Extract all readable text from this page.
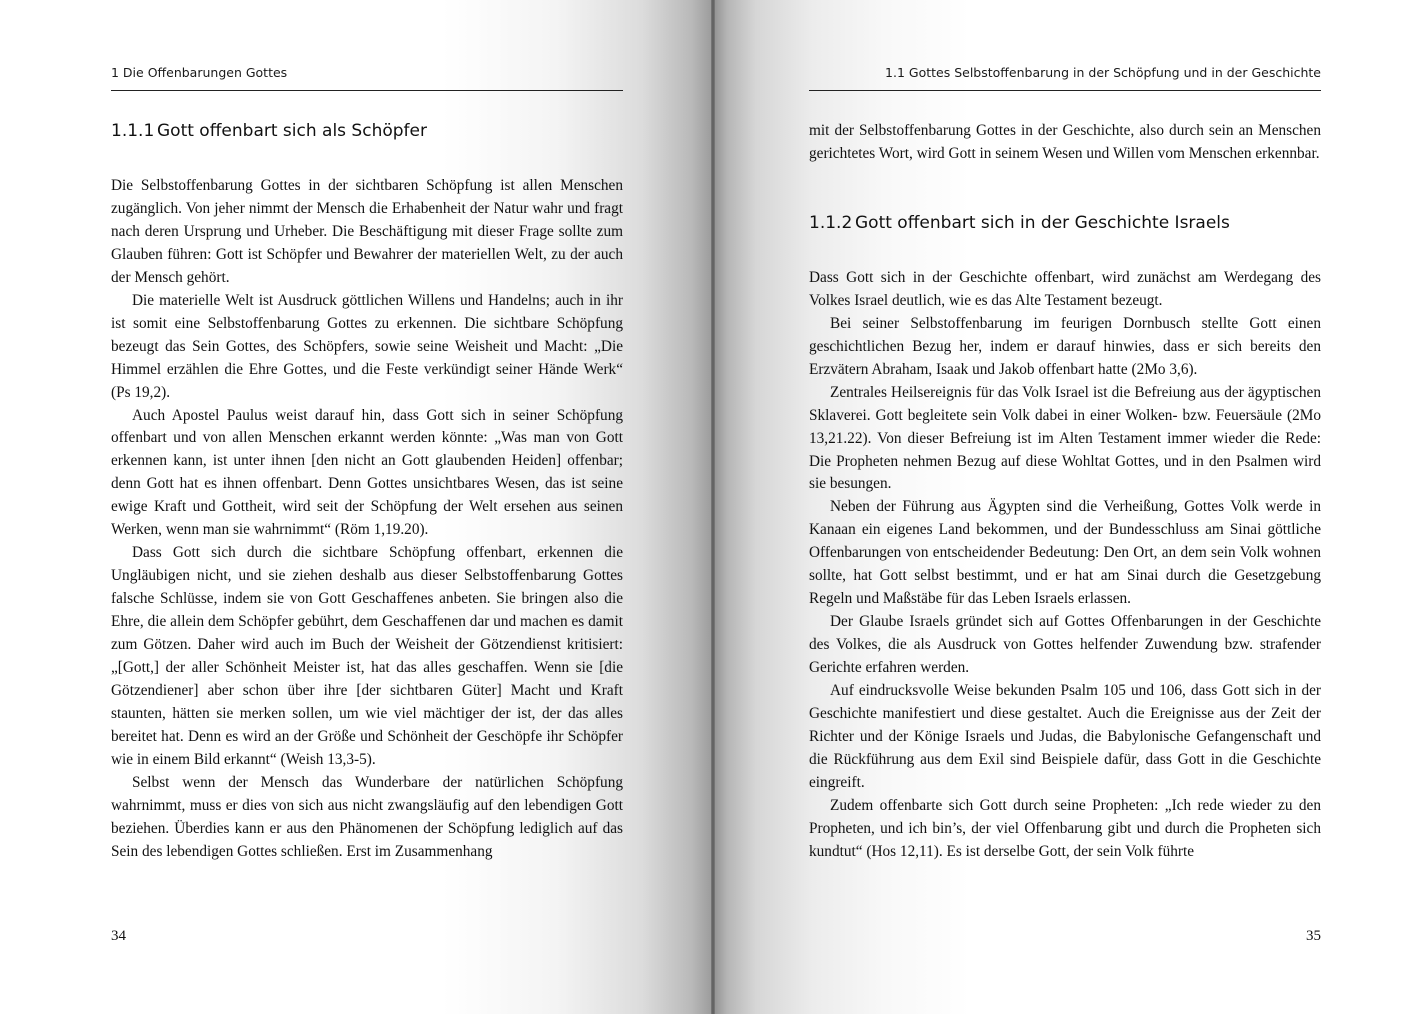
1 Die Offenbarungen Gottes
1.1.1 Gott offenbart sich als Schöpfer

Die Selbstoffenbarung Gottes in der sichtbaren Schöpfung ist allen Menschen zugänglich. Von jeher nimmt der Mensch die Erhabenheit der Natur wahr und fragt nach deren Ursprung und Urheber. Die Beschäftigung mit dieser Frage sollte zum Glauben führen: Gott ist Schöpfer und Bewahrer der materiellen Welt, zu der auch der Mensch gehört.

Die materielle Welt ist Ausdruck göttlichen Willens und Handelns; auch in ihr ist somit eine Selbstoffenbarung Gottes zu erkennen. Die sichtbare Schöpfung bezeugt das Sein Gottes, des Schöpfers, sowie seine Weisheit und Macht: „Die Himmel erzählen die Ehre Gottes, und die Feste verkündigt seiner Hände Werk“ (Ps 19,2).

Auch Apostel Paulus weist darauf hin, dass Gott sich in seiner Schöpfung offenbart und von allen Menschen erkannt werden könnte: „Was man von Gott erkennen kann, ist unter ihnen [den nicht an Gott glaubenden Heiden] offenbar; denn Gott hat es ihnen offenbart. Denn Gottes unsichtbares Wesen, das ist seine ewige Kraft und Gottheit, wird seit der Schöpfung der Welt ersehen aus seinen Werken, wenn man sie wahrnimmt“ (Röm 1,19.20).

Dass Gott sich durch die sichtbare Schöpfung offenbart, erkennen die Ungläubigen nicht, und sie ziehen deshalb aus dieser Selbstoffenbarung Gottes falsche Schlüsse, indem sie von Gott Geschaffenes anbeten. Sie bringen also die Ehre, die allein dem Schöpfer gebührt, dem Geschaffenen dar und machen es damit zum Götzen. Daher wird auch im Buch der Weisheit der Götzendienst kritisiert: „[Gott,] der aller Schönheit Meister ist, hat das alles geschaffen. Wenn sie [die Götzendiener] aber schon über ihre [der sichtbaren Güter] Macht und Kraft staunten, hätten sie merken sollen, um wie viel mächtiger der ist, der das alles bereitet hat. Denn es wird an der Größe und Schönheit der Geschöpfe ihr Schöpfer wie in einem Bild erkannt“ (Weish 13,3-5).

Selbst wenn der Mensch das Wunderbare der natürlichen Schöpfung wahrnimmt, muss er dies von sich aus nicht zwangsläufig auf den lebendigen Gott beziehen. Überdies kann er aus den Phänomenen der Schöpfung lediglich auf das Sein des lebendigen Gottes schließen. Erst im Zusammenhang

34
1.1 Gottes Selbstoffenbarung in der Schöpfung und in der Geschichte

mit der Selbstoffenbarung Gottes in der Geschichte, also durch sein an Menschen gerichtetes Wort, wird Gott in seinem Wesen und Willen vom Menschen erkennbar.

1.1.2 Gott offenbart sich in der Geschichte Israels

Dass Gott sich in der Geschichte offenbart, wird zunächst am Werdegang des Volkes Israel deutlich, wie es das Alte Testament bezeugt.

Bei seiner Selbstoffenbarung im feurigen Dornbusch stellte Gott einen geschichtlichen Bezug her, indem er darauf hinwies, dass er sich bereits den Erzvätern Abraham, Isaak und Jakob offenbart hatte (2Mo 3,6).

Zentrales Heilsereignis für das Volk Israel ist die Befreiung aus der ägyptischen Sklaverei. Gott begleitete sein Volk dabei in einer Wolken- bzw. Feuersäule (2Mo 13,21.22). Von dieser Befreiung ist im Alten Testament immer wieder die Rede: Die Propheten nehmen Bezug auf diese Wohltat Gottes, und in den Psalmen wird sie besungen.

Neben der Führung aus Ägypten sind die Verheißung, Gottes Volk werde in Kanaan ein eigenes Land bekommen, und der Bundesschluss am Sinai göttliche Offenbarungen von entscheidender Bedeutung: Den Ort, an dem sein Volk wohnen sollte, hat Gott selbst bestimmt, und er hat am Sinai durch die Gesetzgebung Regeln und Maßstäbe für das Leben Israels erlassen.

Der Glaube Israels gründet sich auf Gottes Offenbarungen in der Geschichte des Volkes, die als Ausdruck von Gottes helfender Zuwendung bzw. strafender Gerichte erfahren werden.

Auf eindrucksvolle Weise bekunden Psalm 105 und 106, dass Gott sich in der Geschichte manifestiert und diese gestaltet. Auch die Ereignisse aus der Zeit der Richter und der Könige Israels und Judas, die Babylonische Gefangenschaft und die Rückführung aus dem Exil sind Beispiele dafür, dass Gott in die Geschichte eingreift.

Zudem offenbarte sich Gott durch seine Propheten: „Ich rede wieder zu den Propheten, und ich bin’s, der viel Offenbarung gibt und durch die Propheten sich kundtut“ (Hos 12,11). Es ist derselbe Gott, der sein Volk führte

35
